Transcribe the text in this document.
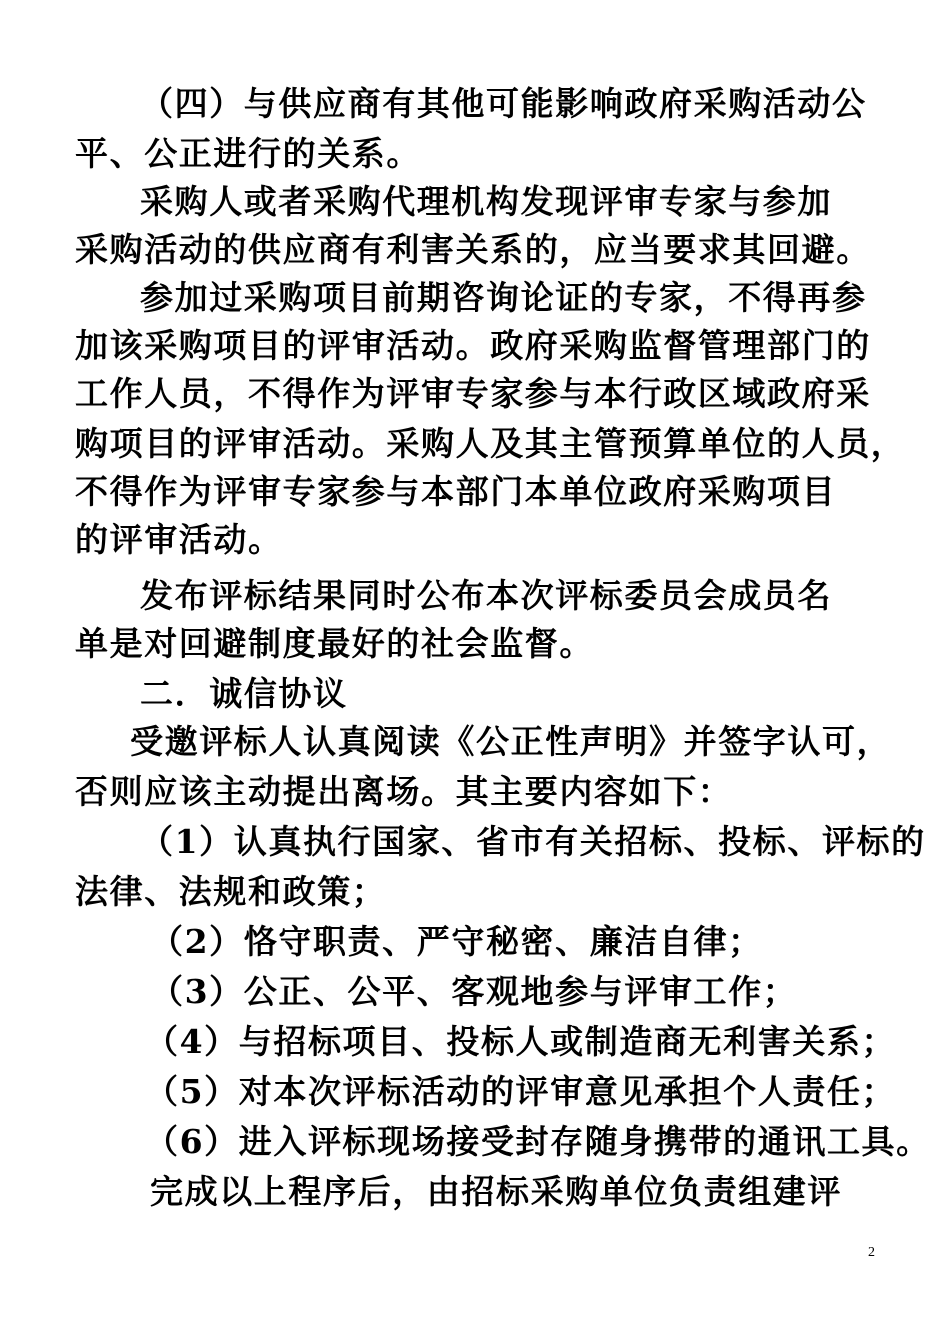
（四）与供应商有其他可能影响政府采购活动公
平、公正进行的关系。
采购人或者采购代理机构发现评审专家与参加
采购活动的供应商有利害关系的，应当要求其回避。
参加过采购项目前期咨询论证的专家，不得再参
加该采购项目的评审活动。政府采购监督管理部门的
工作人员，不得作为评审专家参与本行政区域政府采
购项目的评审活动。采购人及其主管预算单位的人员，
不得作为评审专家参与本部门本单位政府采购项目
的评审活动。
发布评标结果同时公布本次评标委员会成员名
单是对回避制度最好的社会监督。
二．诚信协议
受邀评标人认真阅读《公正性声明》并签字认可，
否则应该主动提出离场。其主要内容如下：
（1）认真执行国家、省市有关招标、投标、评标的
法律、法规和政策；
（2）恪守职责、严守秘密、廉洁自律；
（3）公正、公平、客观地参与评审工作；
（4）与招标项目、投标人或制造商无利害关系；
（5）对本次评标活动的评审意见承担个人责任；
（6）进入评标现场接受封存随身携带的通讯工具。
完成以上程序后，由招标采购单位负责组建评
2
